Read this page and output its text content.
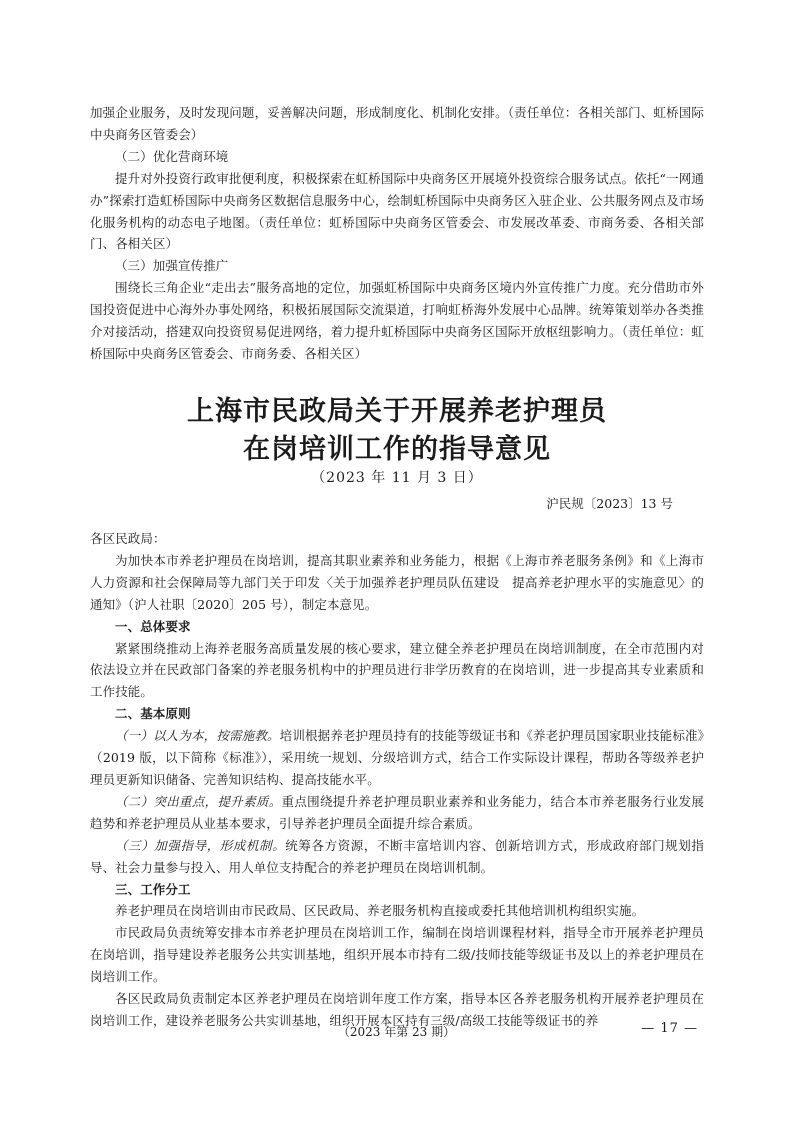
加强企业服务，及时发现问题，妥善解决问题，形成制度化、机制化安排。（责任单位：各相关部门、虹桥国际中央商务区管委会）

（二）优化营商环境

提升对外投资行政审批便利度，积极探索在虹桥国际中央商务区开展境外投资综合服务试点。依托“一网通办”探索打造虹桥国际中央商务区数据信息服务中心，绘制虹桥国际中央商务区入驻企业、公共服务网点及市场化服务机构的动态电子地图。（责任单位：虹桥国际中央商务区管委会、市发展改革委、市商务委、各相关部门、各相关区）

（三）加强宣传推广

围绕长三角企业“走出去”服务高地的定位，加强虹桥国际中央商务区境内外宣传推广力度。充分借助市外国投资促进中心海外办事处网络，积极拓展国际交流渠道，打响虹桥海外发展中心品牌。统筹策划举办各类推介对接活动，搭建双向投资贸易促进网络，着力提升虹桥国际中央商务区国际开放枢纽影响力。（责任单位：虹桥国际中央商务区管委会、市商务委、各相关区）

上海市民政局关于开展养老护理员
在岗培训工作的指导意见
（2023 年 11 月 3 日）
沪民规〔2023〕13 号

各区民政局：

为加快本市养老护理员在岗培训，提高其职业素养和业务能力，根据《上海市养老服务条例》和《上海市人力资源和社会保障局等九部门关于印发〈关于加强养老护理员队伍建设　提高养老护理水平的实施意见〉的通知》（沪人社职〔2020〕205 号），制定本意见。

一、总体要求

紧紧围绕推动上海养老服务高质量发展的核心要求，建立健全养老护理员在岗培训制度，在全市范围内对依法设立并在民政部门备案的养老服务机构中的护理员进行非学历教育的在岗培训，进一步提高其专业素质和工作技能。

二、基本原则

（一）以人为本，按需施教。培训根据养老护理员持有的技能等级证书和《养老护理员国家职业技能标准》（2019 版，以下简称《标准》），采用统一规划、分级培训方式，结合工作实际设计课程，帮助各等级养老护理员更新知识储备、完善知识结构、提高技能水平。

（二）突出重点，提升素质。重点围绕提升养老护理员职业素养和业务能力，结合本市养老服务行业发展趋势和养老护理员从业基本要求，引导养老护理员全面提升综合素质。

（三）加强指导，形成机制。统筹各方资源，不断丰富培训内容、创新培训方式，形成政府部门规划指导、社会力量参与投入、用人单位支持配合的养老护理员在岗培训机制。

三、工作分工

养老护理员在岗培训由市民政局、区民政局、养老服务机构直接或委托其他培训机构组织实施。

市民政局负责统筹安排本市养老护理员在岗培训工作，编制在岗培训课程材料，指导全市开展养老护理员在岗培训，指导建设养老服务公共实训基地，组织开展本市持有二级/技师技能等级证书及以上的养老护理员在岗培训工作。

各区民政局负责制定本区养老护理员在岗培训年度工作方案，指导本区各养老服务机构开展养老护理员在岗培训工作，建设养老服务公共实训基地，组织开展本区持有三级/高级工技能等级证书的养

（2023 年第 23 期）	— 17 —
